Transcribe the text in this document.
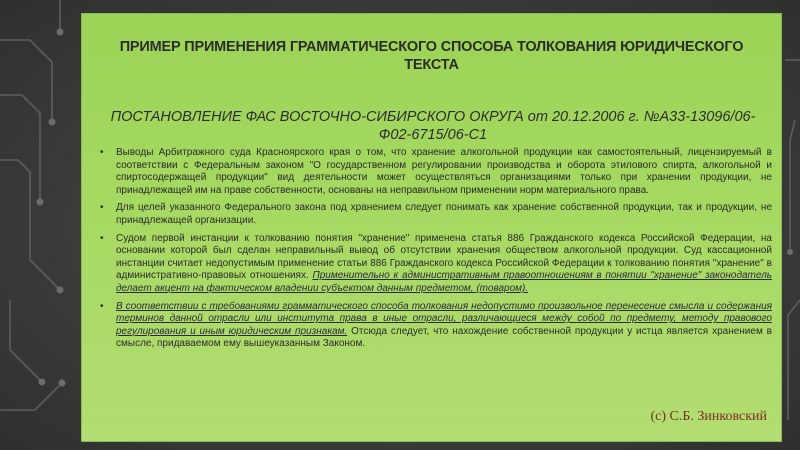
ПРИМЕР ПРИМЕНЕНИЯ ГРАММАТИЧЕСКОГО СПОСОБА ТОЛКОВАНИЯ ЮРИДИЧЕСКОГО ТЕКСТА
ПОСТАНОВЛЕНИЕ ФАС ВОСТОЧНО-СИБИРСКОГО ОКРУГА от 20.12.2006 г. №А33-13096/06-Ф02-6715/06-С1
• Выводы Арбитражного суда Красноярского края о том, что хранение алкогольной продукции как самостоятельный, лицензируемый в соответствии с Федеральным законом "О государственном регулировании производства и оборота этилового спирта, алкогольной и спиртосодержащей продукции" вид деятельности может осуществляться организациями только при хранении продукции, не принадлежащей им на праве собственности, основаны на неправильном применении норм материального права.
• Для целей указанного Федерального закона под хранением следует понимать как хранение собственной продукции, так и продукции, не принадлежащей организации.
• Судом первой инстанции к толкованию понятия "хранение" применена статья 886 Гражданского кодекса Российской Федерации, на основании которой был сделан неправильный вывод об отсутствии хранения обществом алкогольной продукции. Суд кассационной инстанции считает недопустимым применение статьи 886 Гражданского кодекса Российской Федерации к толкованию понятия "хранение" в административно-правовых отношениях. Применительно к административным правоотношениям в понятии "хранение" законодатель делает акцент на фактическом владении субъектом данным предметом, (товаром).
• В соответствии с требованиями грамматического способа толкования недопустимо произвольное перенесение смысла и содержания терминов данной отрасли или института права в иные отрасли, различающиеся между собой по предмету, методу правового регулирования и иным юридическим признакам. Отсюда следует, что нахождение собственной продукции у истца является хранением в смысле, придаваемом ему вышеуказанным Законом.
(с) С.Б. Зинковский
